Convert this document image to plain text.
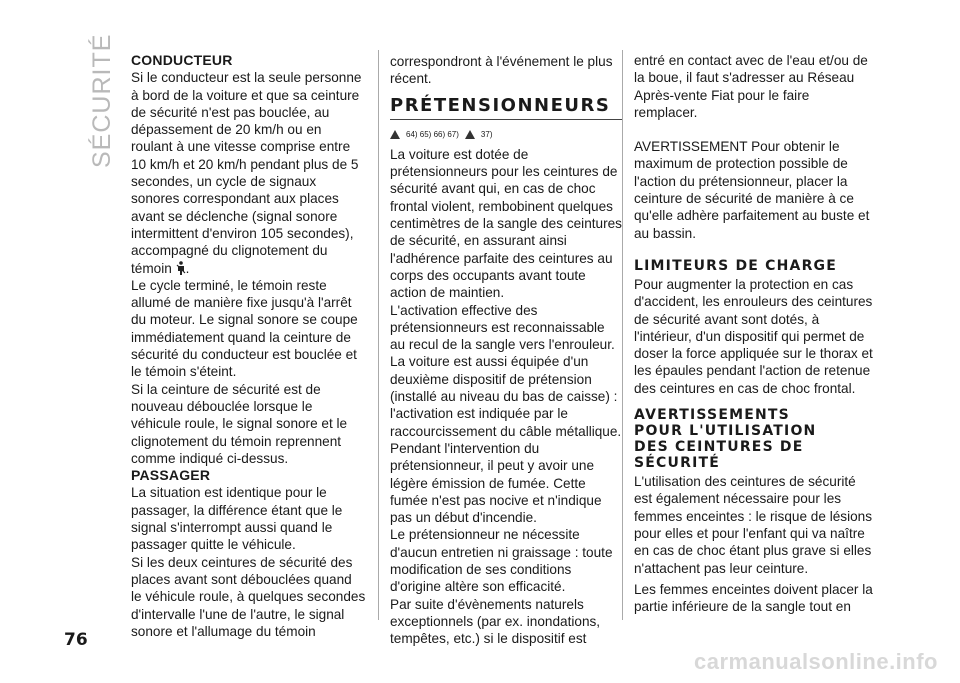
SÉCURITÉ CONDUCTEUR

Si le conducteur est la seule personne à bord de la voiture et que sa ceinture de sécurité n'est pas bouclée, au dépassement de 20 km/h ou en roulant à une vitesse comprise entre 10 km/h et 20 km/h pendant plus de 5 secondes, un cycle de signaux sonores correspondant aux places avant se déclenche (signal sonore intermittent d'environ 105 secondes), accompagné du clignotement du témoin .

Le cycle terminé, le témoin reste allumé de manière fixe jusqu'à l'arrêt du moteur. Le signal sonore se coupe immédiatement quand la ceinture de sécurité du conducteur est bouclée et le témoin s'éteint.

Si la ceinture de sécurité est de nouveau débouclée lorsque le véhicule roule, le signal sonore et le clignotement du témoin reprennent comme indiqué ci-dessus.

PASSAGER

La situation est identique pour le passager, la différence étant que le signal s'interrompt aussi quand le passager quitte le véhicule.

Si les deux ceintures de sécurité des places avant sont débouclées quand le véhicule roule, à quelques secondes d'intervalle l'une de l'autre, le signal sonore et l'allumage du témoin

correspondront à l'événement le plus récent.

PRÉTENSIONNEURS
64) 65) 66) 67)	37)

La voiture est dotée de prétensionneurs pour les ceintures de sécurité avant qui, en cas de choc frontal violent, rembobinent quelques centimètres de la sangle des ceintures de sécurité, en assurant ainsi l'adhérence parfaite des ceintures au corps des occupants avant toute action de maintien.

L'activation effective des prétensionneurs est reconnaissable au recul de la sangle vers l'enrouleur.

La voiture est aussi équipée d'un deuxième dispositif de prétension (installé au niveau du bas de caisse) : l'activation est indiquée par le raccourcissement du câble métallique.

Pendant l'intervention du prétensionneur, il peut y avoir une légère émission de fumée. Cette fumée n'est pas nocive et n'indique pas un début d'incendie.

Le prétensionneur ne nécessite d'aucun entretien ni graissage : toute modification de ses conditions d'origine altère son efficacité.

Par suite d'évènements naturels exceptionnels (par ex. inondations, tempêtes, etc.) si le dispositif est

entré en contact avec de l'eau et/ou de la boue, il faut s'adresser au Réseau Après-vente Fiat pour le faire remplacer.

AVERTISSEMENT Pour obtenir le maximum de protection possible de l'action du prétensionneur, placer la ceinture de sécurité de manière à ce qu'elle adhère parfaitement au buste et au bassin.

LIMITEURS DE CHARGE

Pour augmenter la protection en cas d'accident, les enrouleurs des ceintures de sécurité avant sont dotés, à l'intérieur, d'un dispositif qui permet de doser la force appliquée sur le thorax et les épaules pendant l'action de retenue des ceintures en cas de choc frontal.

AVERTISSEMENTS POUR L'UTILISATION DES CEINTURES DE SÉCURITÉ

L'utilisation des ceintures de sécurité est également nécessaire pour les femmes enceintes : le risque de lésions pour elles et pour l'enfant qui va naître en cas de choc étant plus grave si elles n'attachent pas leur ceinture.

Les femmes enceintes doivent placer la partie inférieure de la sangle tout en

76
carmanualsonline.info
